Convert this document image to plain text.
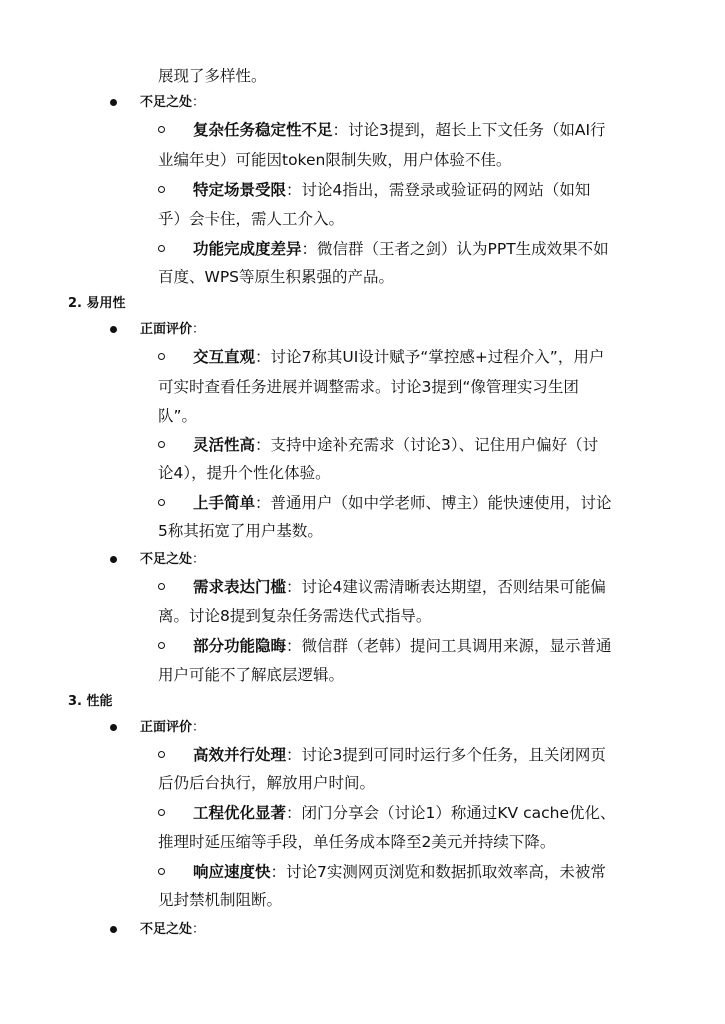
展现了多样性。
不足之处：
复杂任务稳定性不足：讨论3提到，超长上下文任务（如AI行
业编年史）可能因token限制失败，用户体验不佳。
特定场景受限：讨论4指出，需登录或验证码的网站（如知
乎）会卡住，需人工介入。
功能完成度差异：微信群（王者之剑）认为PPT生成效果不如
百度、WPS等原生积累强的产品。
2. 易用性
正面评价：
交互直观：讨论7称其UI设计赋予“掌控感+过程介入”，用户
可实时查看任务进展并调整需求。讨论3提到“像管理实习生团
队”。
灵活性高：支持中途补充需求（讨论3）、记住用户偏好（讨
论4），提升个性化体验。
上手简单：普通用户（如中学老师、博主）能快速使用，讨论
5称其拓宽了用户基数。
不足之处：
需求表达门槛：讨论4建议需清晰表达期望，否则结果可能偏
离。讨论8提到复杂任务需迭代式指导。
部分功能隐晦：微信群（老韩）提问工具调用来源，显示普通
用户可能不了解底层逻辑。
3. 性能
正面评价：
高效并行处理：讨论3提到可同时运行多个任务，且关闭网页
后仍后台执行，解放用户时间。
工程优化显著：闭门分享会（讨论1）称通过KV cache优化、
推理时延压缩等手段，单任务成本降至2美元并持续下降。
响应速度快：讨论7实测网页浏览和数据抓取效率高，未被常
见封禁机制阻断。
不足之处：
